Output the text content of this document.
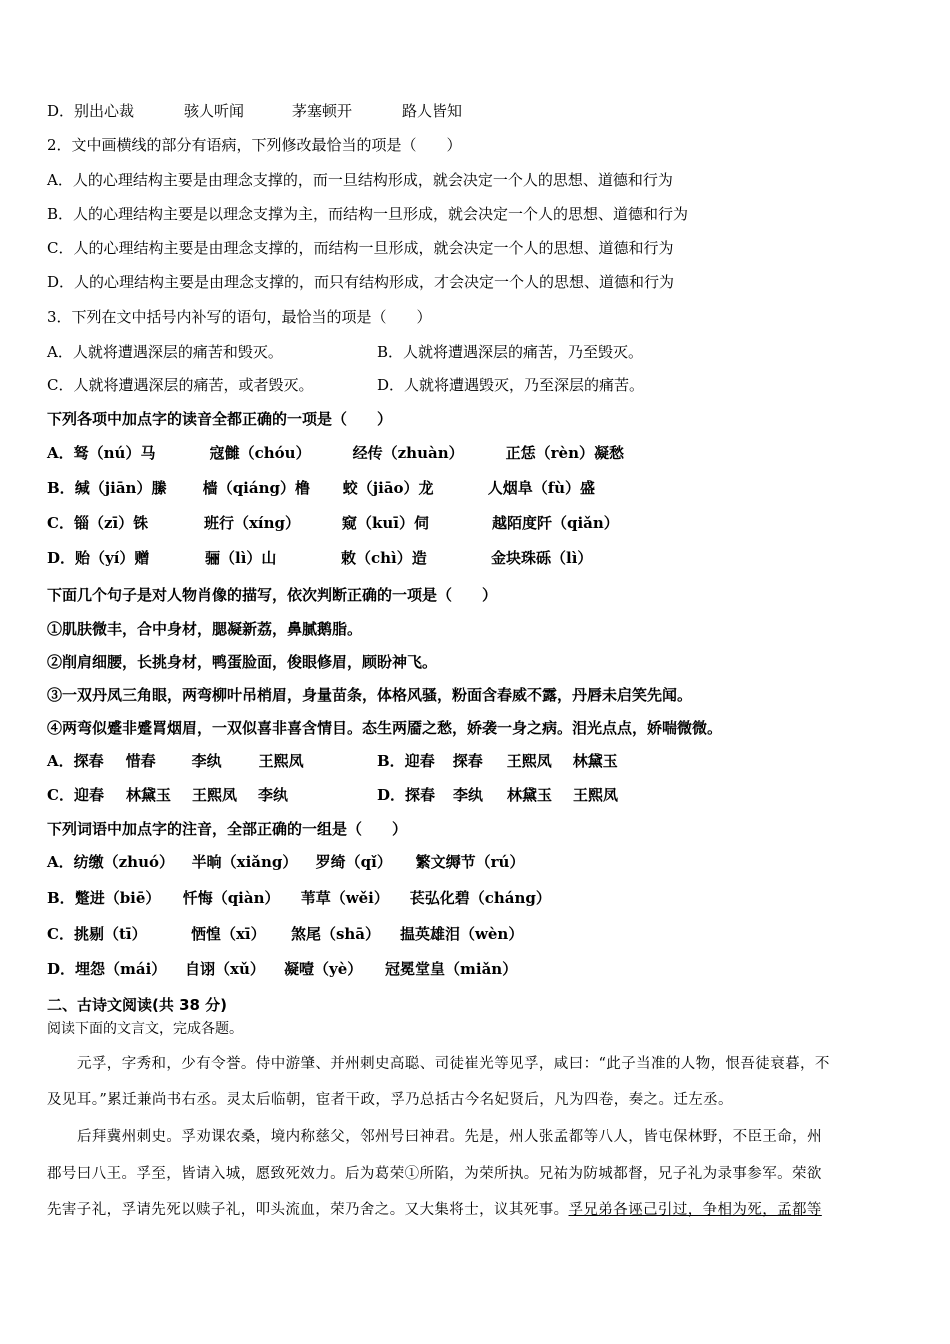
D．别出心裁	骇人听闻	茅塞顿开	路人皆知
2．文中画横线的部分有语病，下列修改最恰当的项是（　　）
A．人的心理结构主要是由理念支撑的，而一旦结构形成，就会决定一个人的思想、道德和行为
B．人的心理结构主要是以理念支撑为主，而结构一旦形成，就会决定一个人的思想、道德和行为
C．人的心理结构主要是由理念支撑的，而结构一旦形成，就会决定一个人的思想、道德和行为
D．人的心理结构主要是由理念支撑的，而只有结构形成，才会决定一个人的思想、道德和行为
3．下列在文中括号内补写的语句，最恰当的项是（　　）
A．人就将遭遇深层的痛苦和毁灭。	B．人就将遭遇深层的痛苦，乃至毁灭。
C．人就将遭遇深层的痛苦，或者毁灭。	D．人就将遭遇毁灭，乃至深层的痛苦。
下列各项中加点字的读音全都正确的一项是（　　）
A．驽（nú）马	寇雠（chóu）	经传（zhuàn）	正恁（rèn）凝愁
B．缄（jiān）縢 樯（qiáng）橹 蛟（jiāo）龙	人烟阜（fù）盛
C．锱（zī）铢	班行（xíng）	窥（kuī）伺	越陌度阡（qiǎn）
D．贻（yí）赠	骊（lì）山	敕（chì）造	金块珠砾（lì）
下面几个句子是对人物肖像的描写，依次判断正确的一项是（　　）
①肌肤微丰，合中身材，腮凝新荔，鼻腻鹅脂。
②削肩细腰，长挑身材，鸭蛋脸面，俊眼修眉，顾盼神飞。
③一双丹凤三角眼，两弯柳叶吊梢眉，身量苗条，体格风骚，粉面含春威不露，丹唇未启笑先闻。
④两弯似蹙非蹙罥烟眉，一双似喜非喜含情目。态生两靥之愁，娇袭一身之病。泪光点点，娇喘微微。
A．探春 惜春 李纨 王熙凤	B．迎春 探春 王熙凤 林黛玉
C．迎春 林黛玉 王熙凤 李纨	D．探春 李纨 林黛玉 王熙凤
下列词语中加点字的注音，全部正确的一组是（　　）
A．纺缴（zhuó） 半晌（xiǎng） 罗绮（qǐ） 繁文缛节（rú）
B．蹩进（biē） 忏悔（qiàn） 苇草（wěi） 苌弘化碧（cháng）
C．挑剔（tī）	恓惶（xī） 煞尾（shā） 揾英雄泪（wèn）
D．埋怨（mái） 自诩（xǔ） 凝噎（yè） 冠冕堂皇（miǎn）
二、古诗文阅读(共 38 分)
阅读下面的文言文，完成各题。
元孚，字秀和，少有令誉。侍中游肇、并州刺史高聪、司徒崔光等见孚，咸曰：“此子当准的人物，恨吾徒衰暮，不
及见耳。”累迁兼尚书右丞。灵太后临朝，宦者干政，孚乃总括古今名妃贤后，凡为四卷，奏之。迁左丞。
后拜冀州刺史。孚劝课农桑，境内称慈父，邻州号曰神君。先是，州人张孟都等八人，皆屯保林野，不臣王命，州
郡号曰八王。孚至，皆请入城，愿致死效力。后为葛荣①所陷，为荣所执。兄祐为防城都督，兄子礼为录事参军。荣欲
先害子礼，孚请先死以赎子礼，叩头流血，荣乃舍之。又大集将士，议其死事。孚兄弟各诬己引过，争相为死，孟都等
